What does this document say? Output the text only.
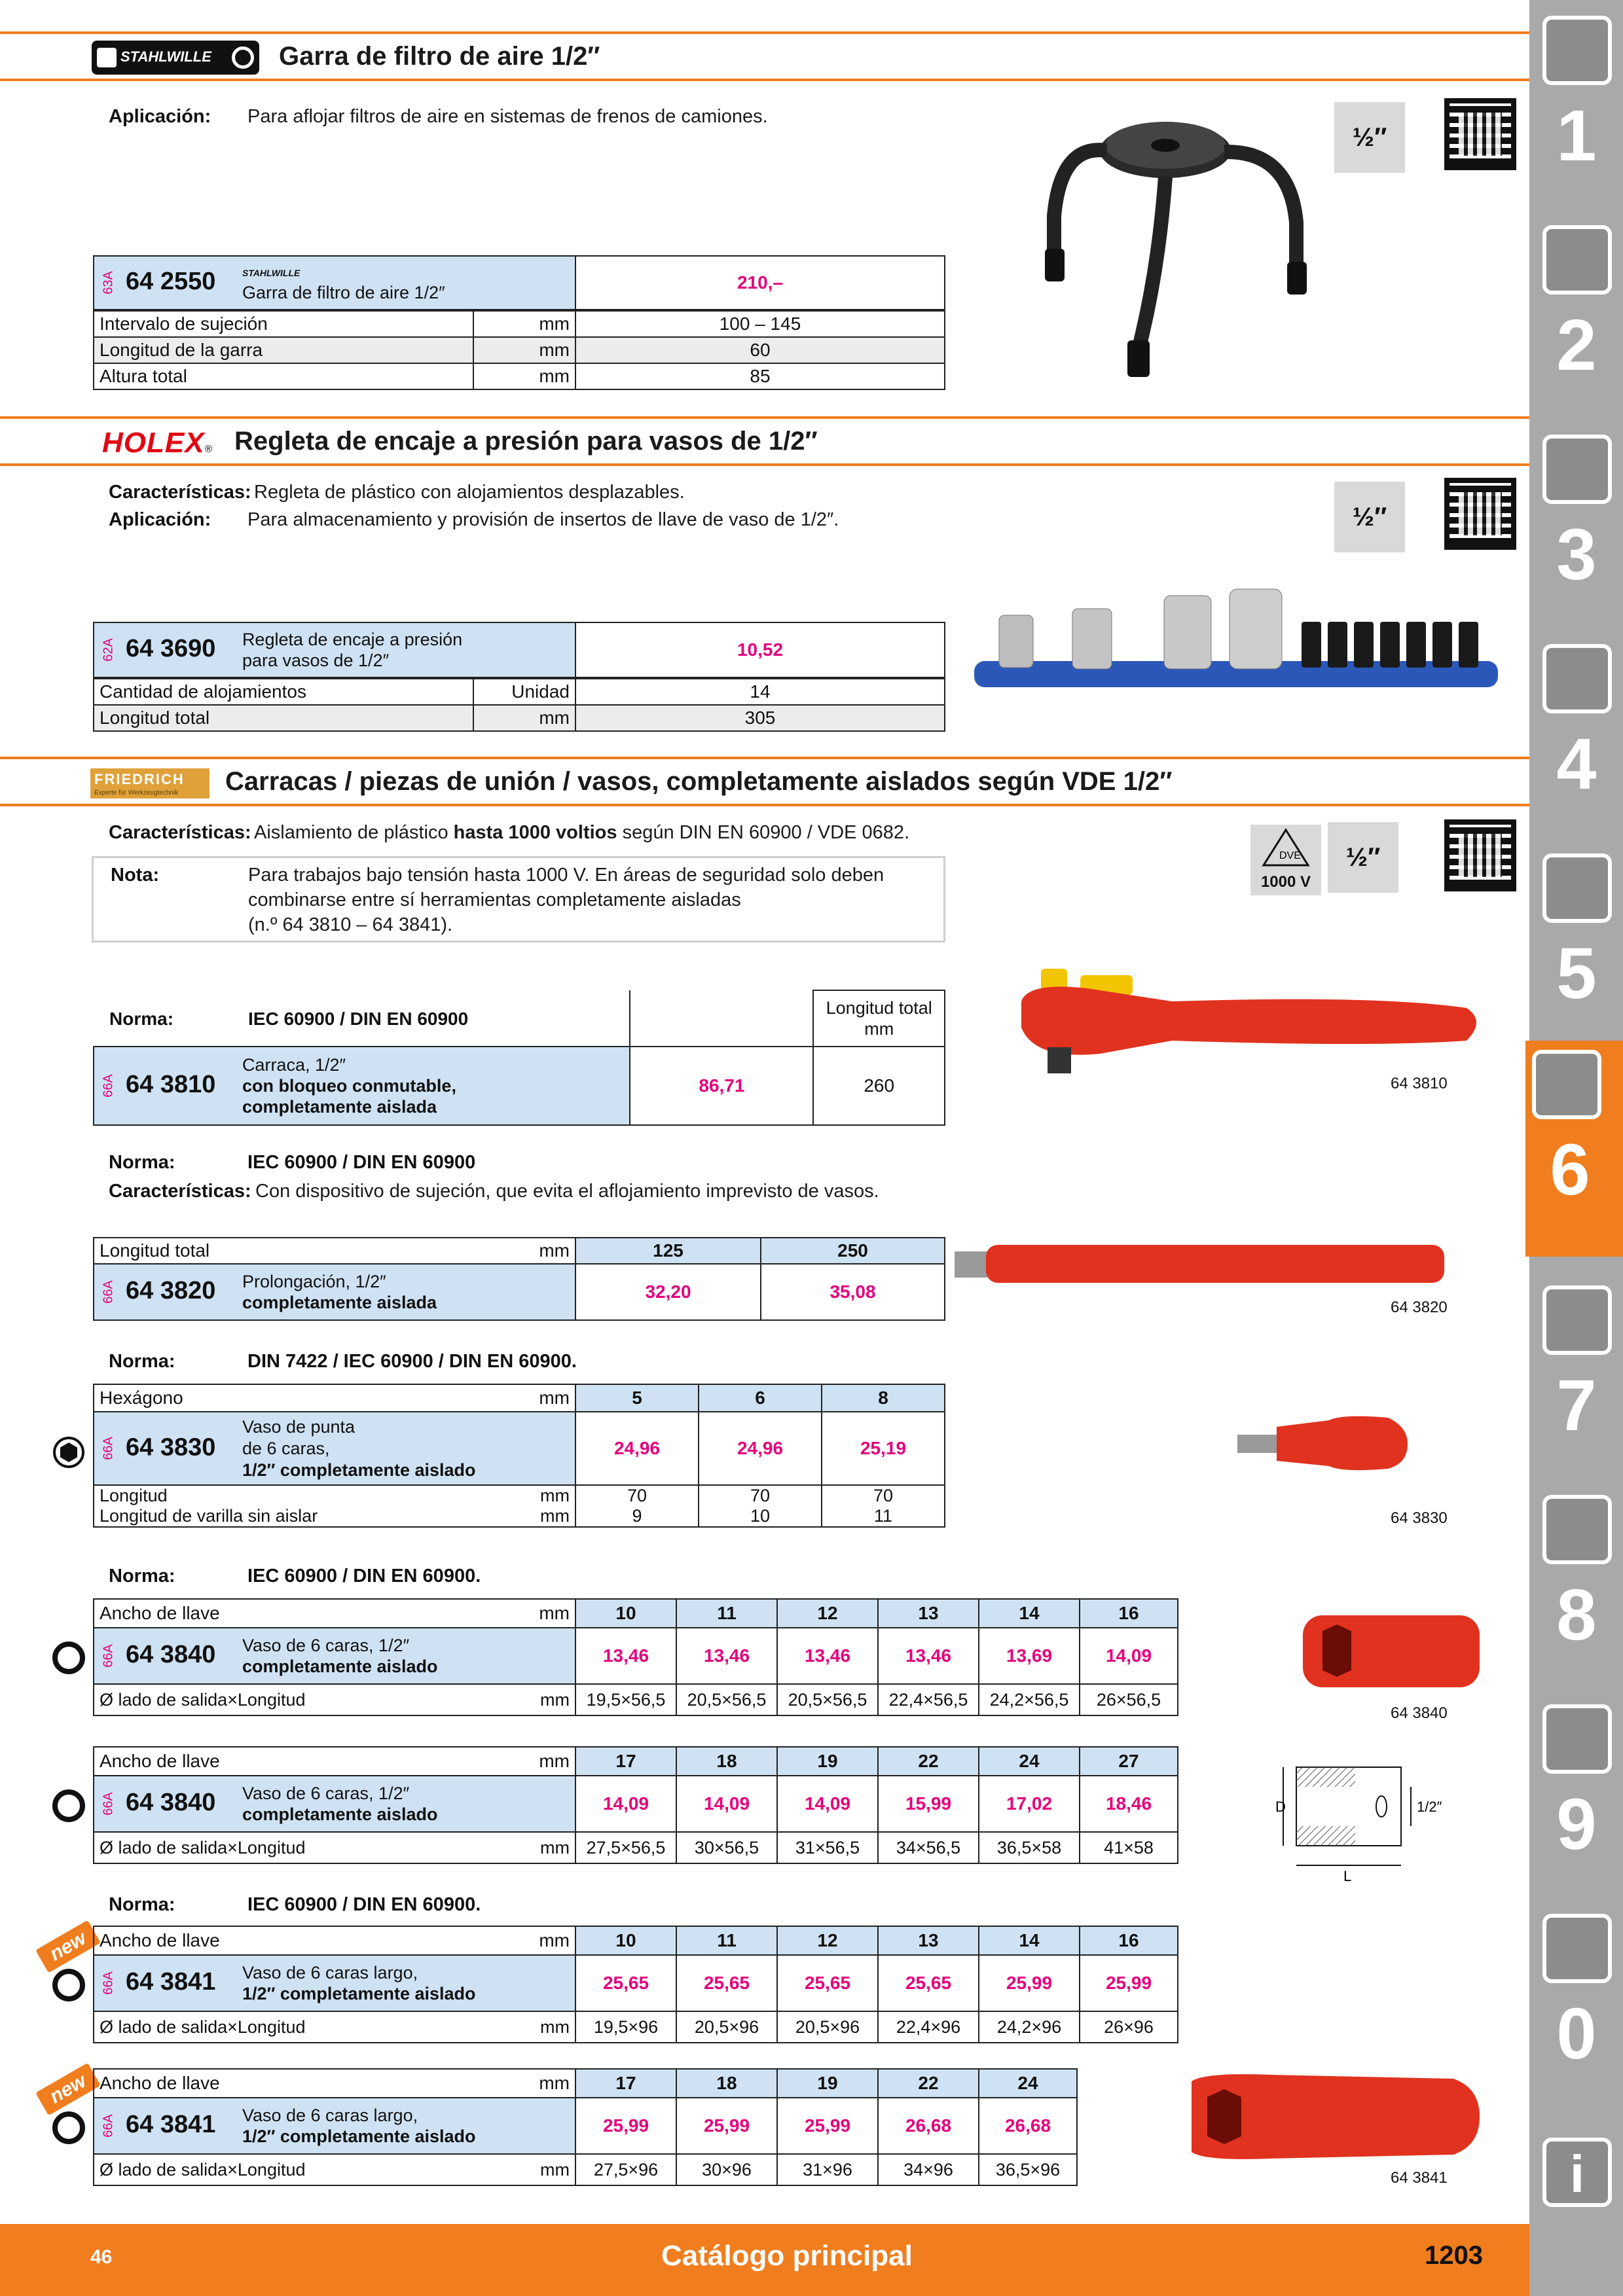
STAHLWILLE	Garra de filtro de aire 1/2″
Aplicación: Para aflojar filtros de aire en sistemas de frenos de camiones.
½″
63A 64 2550	STAHLWILLE
Garra de filtro de aire 1/2″	210,–
Intervalo de sujeción	mm	100 – 145
Longitud de la garra	mm	60
Altura total	mm	85
HOLEX® Regleta de encaje a presión para vasos de 1/2″
Características: Regleta de plástico con alojamientos desplazables.
Aplicación: Para almacenamiento y provisión de insertos de llave de vaso de 1/2″.	½″
62A 64 3690 Regleta de encaje a presión
para vasos de 1/2″
	10,52
Cantidad de alojamientos	Unidad	14
Longitud total	mm	305
FRIEDRICH
Experte für Werkzeugtechnik Carracas / piezas de unión / vasos, completamente aislados según VDE 1/2″
Características: Aislamiento de plástico hasta 1000 voltios según DIN EN 60900 / VDE 0682.
Nota:	Para trabajos bajo tensión hasta 1000 V. En áreas de seguridad solo deben
combinarse entre sí herramientas completamente aisladas
(n.º 64 3810 – 64 3841).
DVE
1000 V
½″
Norma: IEC 60900 / DIN EN 60900		Longitud total
mm

66A 64 3810
Carraca, 1/2″
con bloqueo conmutable,
completamente aislada	86,71	260	64 3810
Norma:	IEC 60900 / DIN EN 60900
Características: Con dispositivo de sujeción, que evita el aflojamiento imprevisto de vasos.
Longitud total	mm	125	250

66A 64 3820 Prolongación, 1/2″
completamente aislada		32,20	35,08
64 3820
Norma:	DIN 7422 / IEC 60900 / DIN EN 60900.
Hexágono	mm	5	6	8

66A 64 3830
Vaso de punta
de 6 caras,
1/2″ completamente aislado		24,96	24,96	25,19
Longitud	mm	70	70	70
Longitud de varilla sin aislar	mm	9	10	11	64 3830
Norma:	IEC 60900 / DIN EN 60900.
Ancho de llave	mm	10	11	12	13	14	16

66A 64 3840 Vaso de 6 caras, 1/2″
completamente aislado		13,46	13,46	13,46	13,46	13,69	14,09
Ø lado de salida×Longitud	mm	19,5×56,5	20,5×56,5	20,5×56,5	22,4×56,5	24,2×56,5	26×56,5
64 3840
Ancho de llave	mm	17	18	19	22	24	27

66A 64 3840 Vaso de 6 caras, 1/2″
completamente aislado		14,09	14,09	14,09	15,99	17,02	18,46
Ø lado de salida×Longitud	mm	27,5×56,5	30×56,5	31×56,5	34×56,5	36,5×58	41×58
D
L
1/2″
Norma:	IEC 60900 / DIN EN 60900.
new Ancho de llave	mm	10	11	12	13	14	16

66A 64 3841 Vaso de 6 caras largo,
1/2″ completamente aislado		25,65	25,65	25,65	25,65	25,99	25,99
Ø lado de salida×Longitud	mm	19,5×96	20,5×96	20,5×96	22,4×96	24,2×96	26×96
new Ancho de llave	mm	17	18	19	22	24

66A 64 3841 Vaso de 6 caras largo,
1/2″ completamente aislado		25,99	25,99	25,99	26,68	26,68
Ø lado de salida×Longitud	mm	27,5×96	30×96	31×96	34×96	36,5×96	64 3841
1
2
3
4
5
6
7
8
9
0
i
46	Catálogo principal	1203
